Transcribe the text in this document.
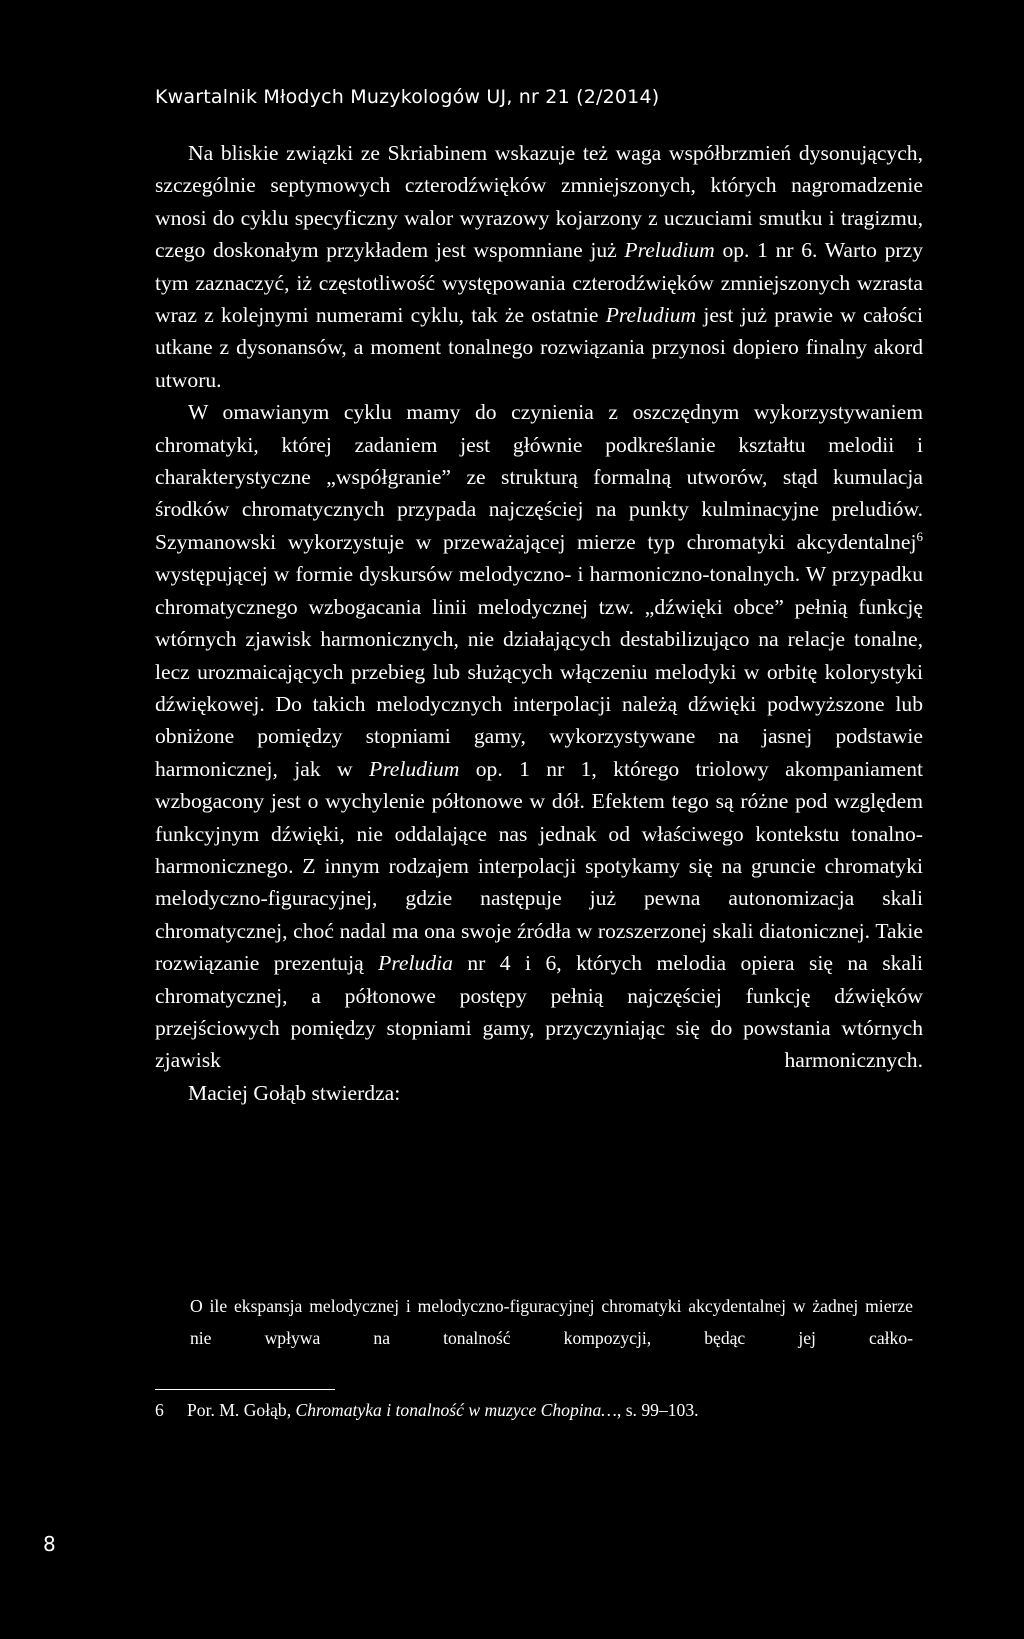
Kwartalnik Młodych Muzykologów UJ, nr 21 (2/2014)

Na bliskie związki ze Skriabinem wskazuje też waga współbrzmień dysonujących, szczególnie septymowych czterodźwięków zmniejszonych, których nagromadzenie wnosi do cyklu specyficzny walor wyrazowy kojarzony z uczuciami smutku i tragizmu, czego doskonałym przykładem jest wspomniane już Preludium op. 1 nr 6. Warto przy tym zaznaczyć, iż częstotliwość występowania czterodźwięków zmniejszonych wzrasta wraz z kolejnymi numerami cyklu, tak że ostatnie Preludium jest już prawie w całości utkane z dysonansów, a moment tonalnego rozwiązania przynosi dopiero finalny akord utworu.

W omawianym cyklu mamy do czynienia z oszczędnym wykorzystywaniem chromatyki, której zadaniem jest głównie podkreślanie kształtu melodii i charakterystyczne „współgranie” ze strukturą formalną utworów, stąd kumulacja środków chromatycznych przypada najczęściej na punkty kulminacyjne preludiów. Szymanowski wykorzystuje w przeważającej mierze typ chromatyki akcydentalnej$^6$ występującej w formie dyskursów melodyczno- i harmoniczno-tonalnych. W przypadku chromatycznego wzbogacania linii melodycznej tzw. „dźwięki obce” pełnią funkcję wtórnych zjawisk harmonicznych, nie działających destabilizująco na relacje tonalne, lecz urozmaicających przebieg lub służących włączeniu melodyki w orbitę kolorystyki dźwiękowej. Do takich melodycznych interpolacji należą dźwięki podwyższone lub obniżone pomiędzy stopniami gamy, wykorzystywane na jasnej podstawie harmonicznej, jak w Preludium op. 1 nr 1, którego triolowy akompaniament wzbogacony jest o wychylenie półtonowe w dół. Efektem tego są różne pod względem funkcyjnym dźwięki, nie oddalające nas jednak od właściwego kontekstu tonalno-harmonicznego. Z innym rodzajem interpolacji spotykamy się na gruncie chromatyki melodyczno-figuracyjnej, gdzie następuje już pewna autonomizacja skali chromatycznej, choć nadal ma ona swoje źródła w rozszerzonej skali diatonicznej. Takie rozwiązanie prezentują Preludia nr 4 i 6, których melodia opiera się na skali chromatycznej, a półtonowe postępy pełnią najczęściej funkcję dźwięków przejściowych pomiędzy stopniami gamy, przyczyniając się do powstania wtórnych zjawisk harmonicznych.

Maciej Gołąb stwierdza:

O ile ekspansja melodycznej i melodyczno-figuracyjnej chromatyki akcydentalnej w żadnej mierze nie wpływa na tonalność kompozycji, będąc jej całko-

6 Por. M. Gołąb, Chromatyka i tonalność w muzyce Chopina…, s. 99–103.
8
